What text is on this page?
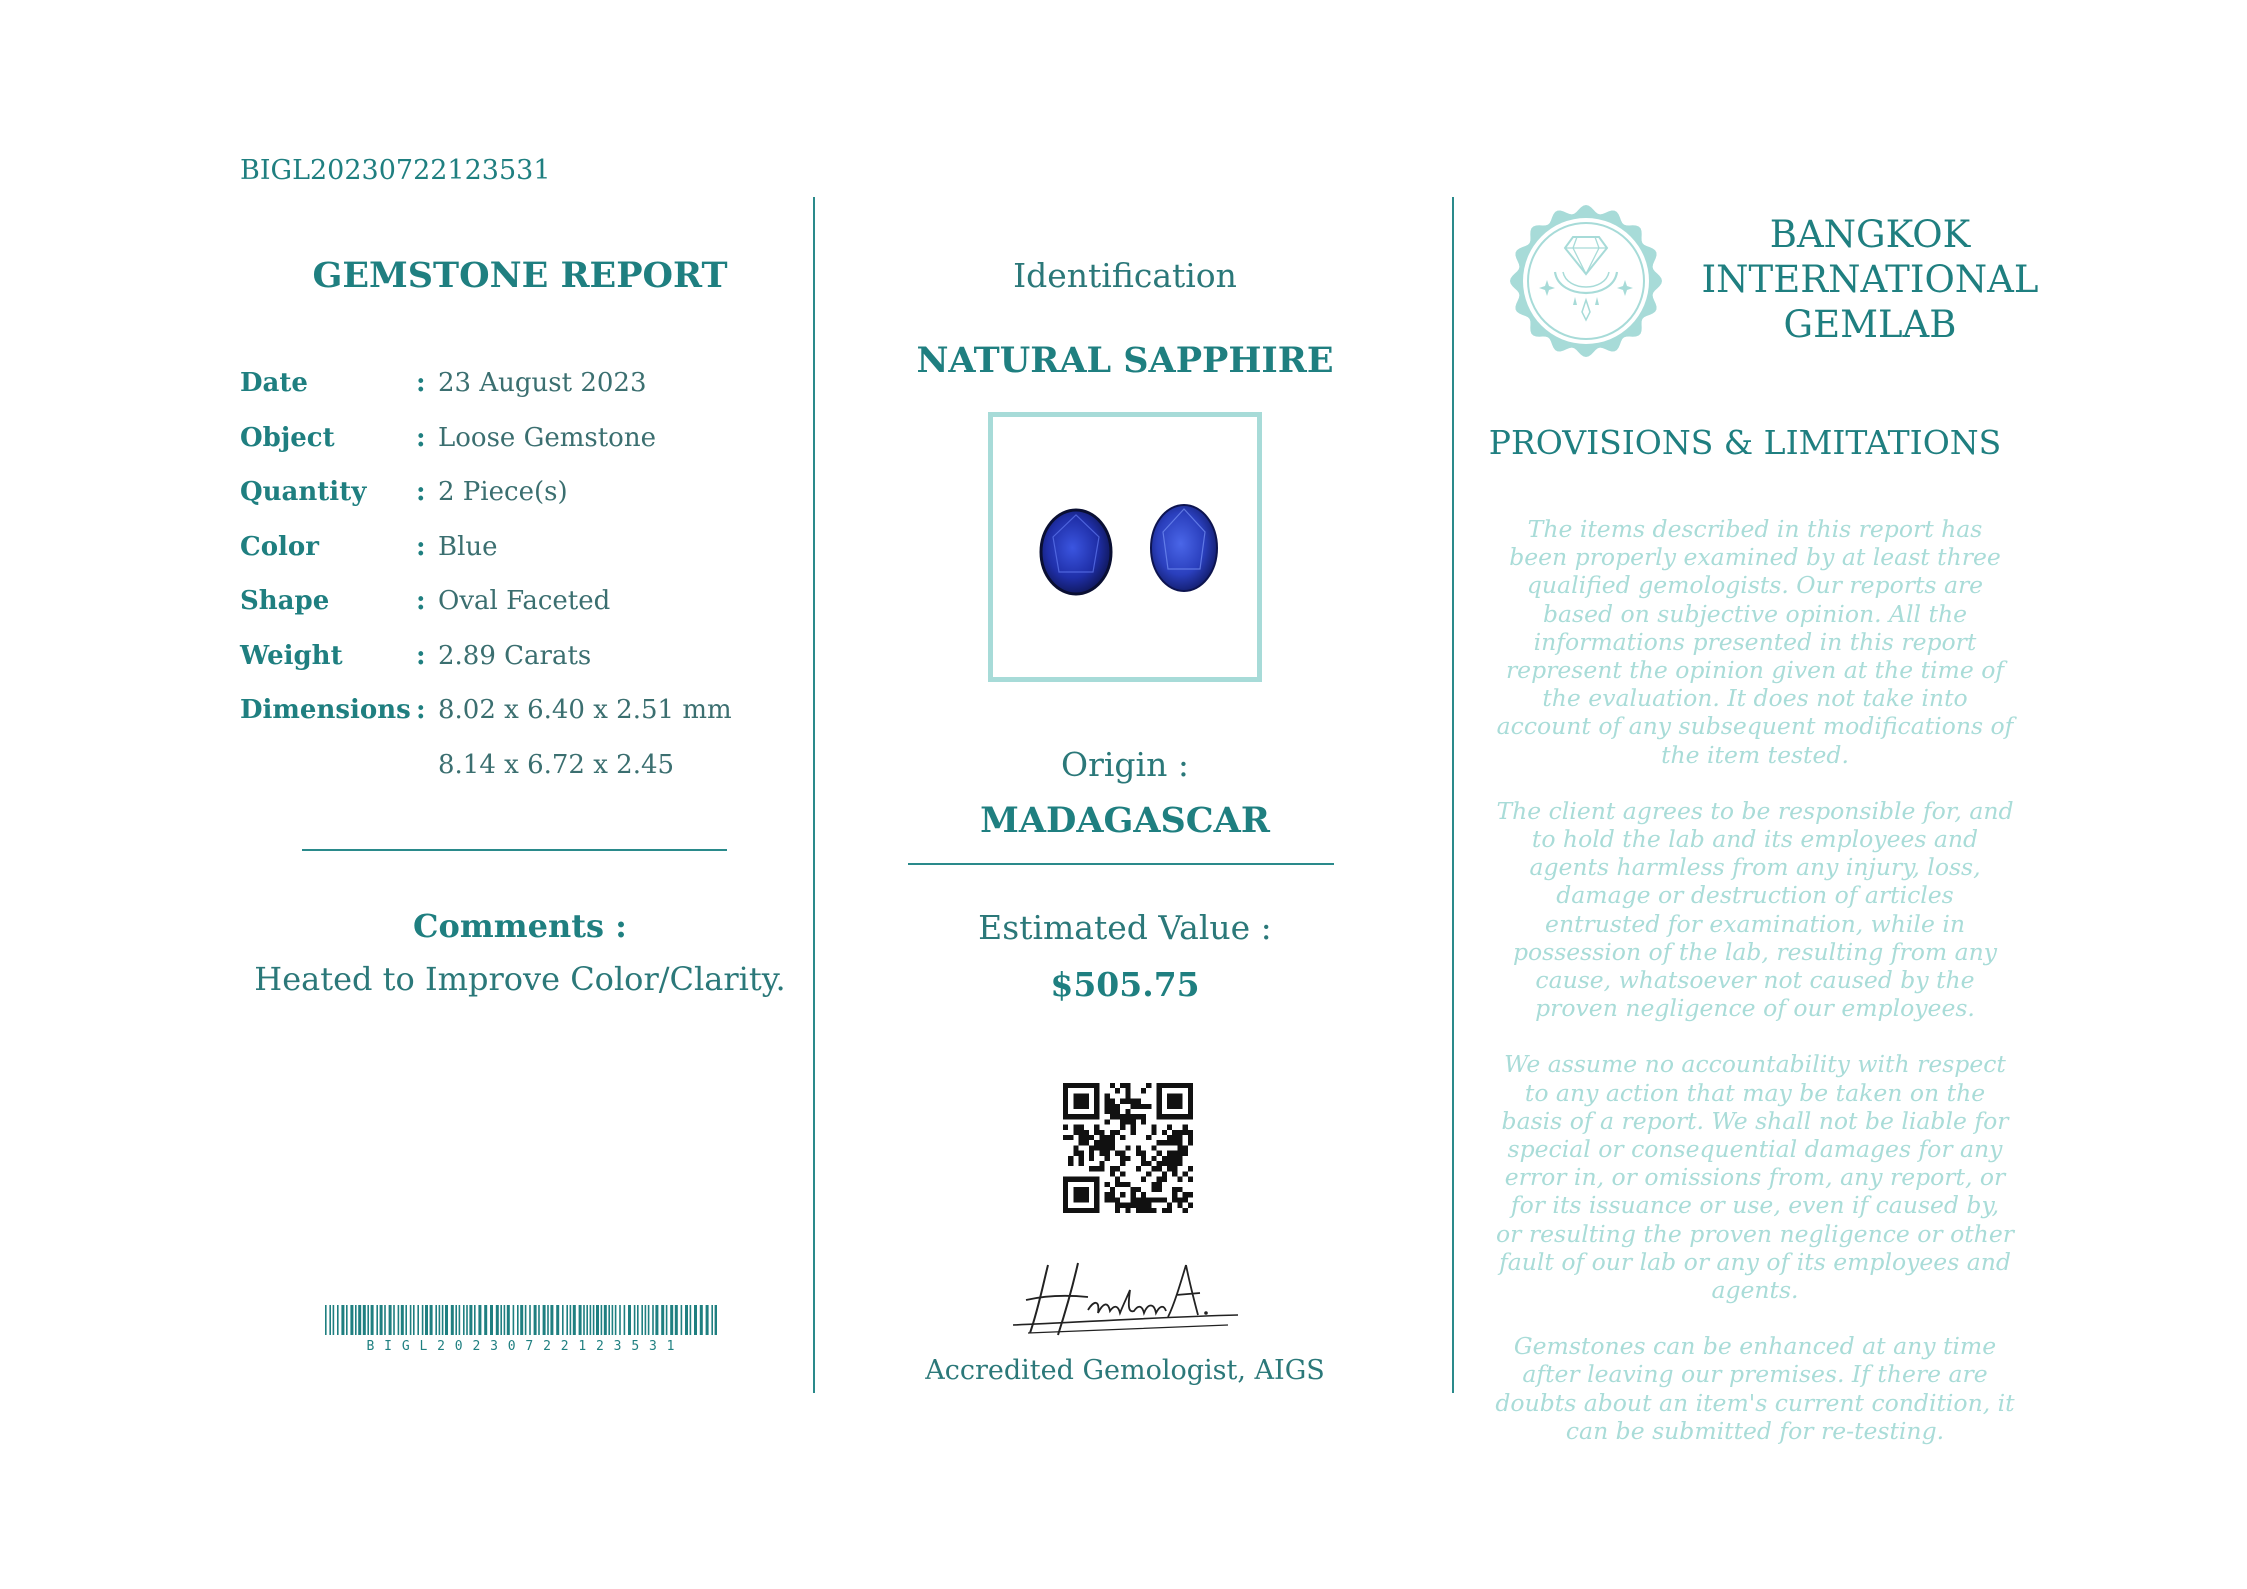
BIGL20230722123531
GEMSTONE REPORT
Date	: 23 August 2023
Object	: Loose Gemstone
Quantity	: 2 Piece(s)
Color	: Blue
Shape	: Oval Faceted
Weight	: 2.89 Carats
Dimensions : 8.02 x 6.40 x 2.51 mm
8.14 x 6.72 x 2.45
Comments :
Heated to Improve Color/Clarity.
B I G L 2 0 2 3 0 7 2 2 1 2 3 5 3 1
Identification
NATURAL SAPPHIRE
Origin :
MADAGASCAR
Estimated Value :
$505.75
Accredited Gemologist, AIGS
BANGKOK
INTERNATIONAL
GEMLAB
PROVISIONS & LIMITATIONS

The items described in this report has been properly examined by at least three qualified gemologists. Our reports are based on subjective opinion. All the informations presented in this report represent the opinion given at the time of the evaluation. It does not take into account of any subsequent modifications of the item tested.

The client agrees to be responsible for, and to hold the lab and its employees and agents harmless from any injury, loss, damage or destruction of articles entrusted for examination, while in possession of the lab, resulting from any cause, whatsoever not caused by the proven negligence of our employees.

We assume no accountability with respect to any action that may be taken on the basis of a report. We shall not be liable for special or consequential damages for any error in, or omissions from, any report, or for its issuance or use, even if caused by, or resulting the proven negligence or other fault of our lab or any of its employees and agents.

Gemstones can be enhanced at any time after leaving our premises. If there are doubts about an item's current condition, it can be submitted for re-testing.
